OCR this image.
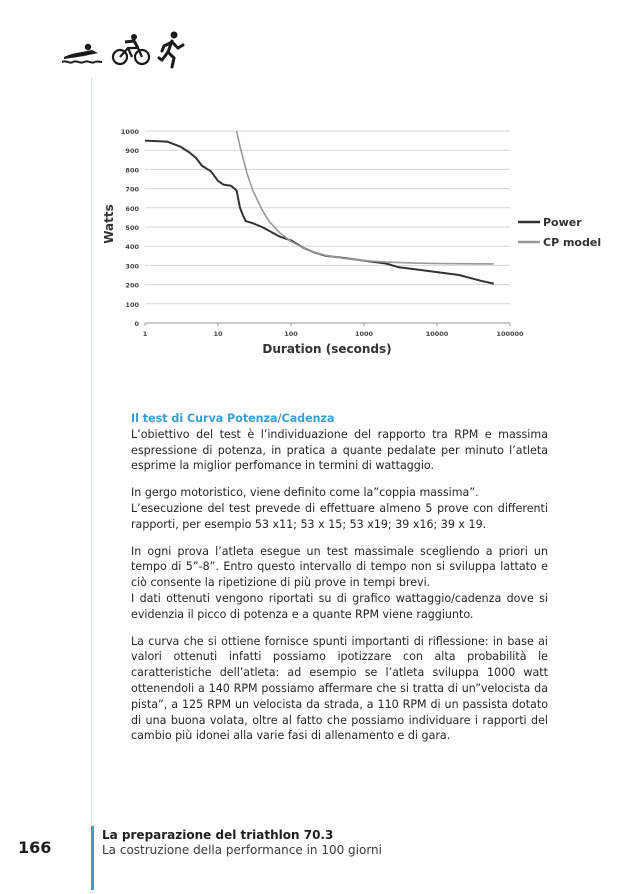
0
100
200
300
400
500
600
700
800
900
1000
1	10	100	1000	10000	100000
Power
CP model
Watts
Duration (seconds)

Il test di Curva Potenza/Cadenza

L’obiettivo del test è l’individuazione del rapporto tra RPM e massima espressione di potenza, in pratica a quante pedalate per minuto l’atleta esprime la miglior perfomance in termini di wattaggio.

In gergo motoristico, viene definito come la”coppia massima”.

L’esecuzione del test prevede di effettuare almeno 5 prove con differenti rapporti, per esempio 53 x11; 53 x 15; 53 x19; 39 x16; 39 x 19.

In ogni prova l’atleta esegue un test massimale scegliendo a priori un tempo di 5”-8”. Entro questo intervallo di tempo non si sviluppa lattato e ciò consente la ripetizione di più prove in tempi brevi.

I dati ottenuti vengono riportati su di grafico wattaggio/cadenza dove si evidenzia il picco di potenza e a quante RPM viene raggiunto.

La curva che si ottiene fornisce spunti importanti di riflessione: in base ai valori ottenuti infatti possiamo ipotizzare con alta probabilità le caratteristiche dell’atleta: ad esempio se l’atleta sviluppa 1000 watt ottenendoli a 140 RPM possiamo affermare che si tratta di un”velocista da pista”, a 125 RPM un velocista da strada, a 110 RPM di un passista dotato di una buona volata, oltre al fatto che possiamo individuare i rapporti del cambio più idonei alla varie fasi di allenamento e di gara.

166
La preparazione del triathlon 70.3
La costruzione della performance in 100 giorni
